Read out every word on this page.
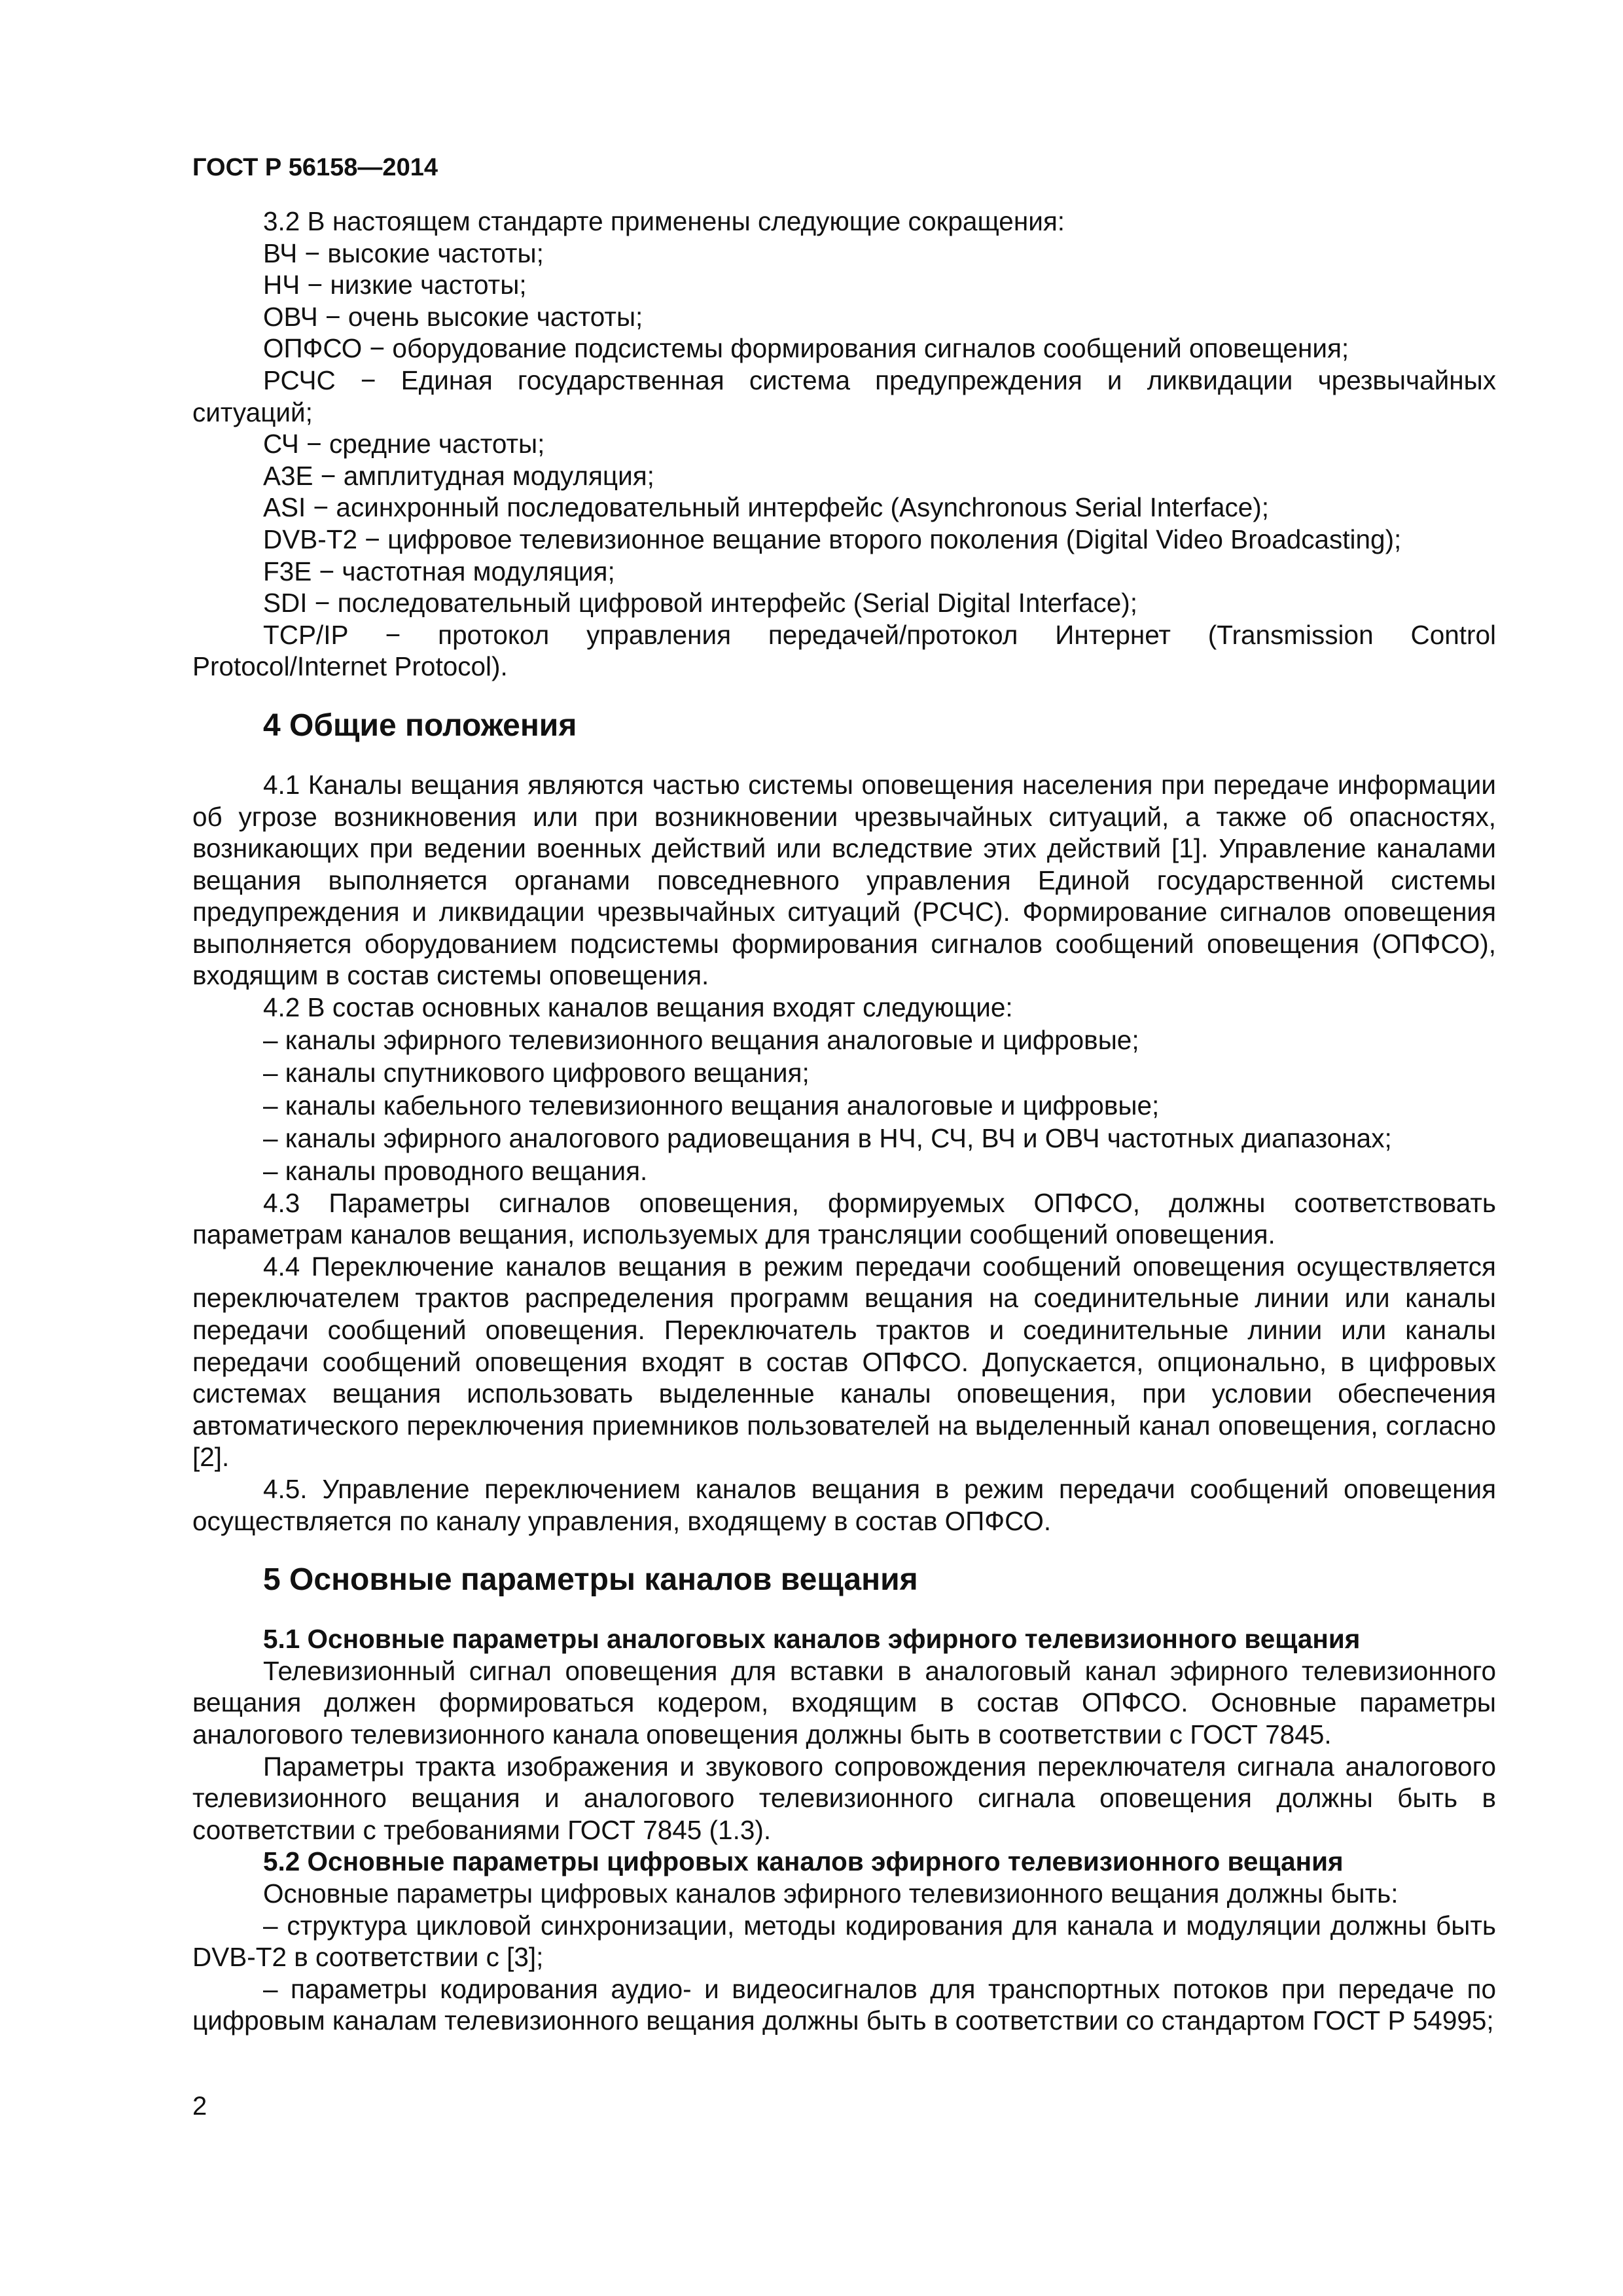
ГОСТ Р 56158—2014

3.2 В настоящем стандарте применены следующие сокращения:

ВЧ − высокие частоты;

НЧ − низкие частоты;

ОВЧ − очень высокие частоты;

ОПФСО − оборудование подсистемы формирования сигналов сообщений оповещения;

РСЧС − Единая государственная система предупреждения и ликвидации чрезвычайных

ситуаций;

СЧ − средние частоты;

A3E − амплитудная модуляция;

ASI − асинхронный последовательный интерфейс (Asynchronous Serial Interface);

DVB-T2 − цифровое телевизионное вещание второго поколения (Digital Video Broadcasting);

F3E − частотная модуляция;

SDI − последовательный цифровой интерфейс (Serial Digital Interface);

TCP/IP − протокол управления передачей/протокол Интернет (Transmission Control

Protocol/Internet Protocol).

4 Общие положения

4.1 Каналы вещания являются частью системы оповещения населения при передаче информации об угрозе возникновения или при возникновении чрезвычайных ситуаций, а также об опасностях, возникающих при ведении военных действий или вследствие этих действий [1]. Управление каналами вещания выполняется органами повседневного управления Единой государственной системы предупреждения и ликвидации чрезвычайных ситуаций (РСЧС). Формирование сигналов оповещения выполняется оборудованием подсистемы формирования сигналов сообщений оповещения (ОПФСО), входящим в состав системы оповещения.

4.2 В состав основных каналов вещания входят следующие:

– каналы эфирного телевизионного вещания аналоговые и цифровые;

– каналы спутникового цифрового вещания;

– каналы кабельного телевизионного вещания аналоговые и цифровые;

– каналы эфирного аналогового радиовещания в НЧ, СЧ, ВЧ и ОВЧ частотных диапазонах;

– каналы проводного вещания.

4.3 Параметры сигналов оповещения, формируемых ОПФСО, должны соответствовать параметрам каналов вещания, используемых для трансляции сообщений оповещения.

4.4 Переключение каналов вещания в режим передачи сообщений оповещения осуществляется переключателем трактов распределения программ вещания на соединительные линии или каналы передачи сообщений оповещения. Переключатель трактов и соединительные линии или каналы передачи сообщений оповещения входят в состав ОПФСО. Допускается, опционально, в цифровых системах вещания использовать выделенные каналы оповещения, при условии обеспечения автоматического переключения приемников пользователей на выделенный канал оповещения, согласно [2].

4.5. Управление переключением каналов вещания в режим передачи сообщений оповещения осуществляется по каналу управления, входящему в состав ОПФСО.

5 Основные параметры каналов вещания
5.1 Основные параметры аналоговых каналов эфирного телевизионного вещания

Телевизионный сигнал оповещения для вставки в аналоговый канал эфирного телевизионного вещания должен формироваться кодером, входящим в состав ОПФСО. Основные параметры аналогового телевизионного канала оповещения должны быть в соответствии с ГОСТ 7845.

Параметры тракта изображения и звукового сопровождения переключателя сигнала аналогового телевизионного вещания и аналогового телевизионного сигнала оповещения должны быть в соответствии с требованиями ГОСТ 7845 (1.3).

5.2 Основные параметры цифровых каналов эфирного телевизионного вещания

Основные параметры цифровых каналов эфирного телевизионного вещания должны быть:

– структура цикловой синхронизации, методы кодирования для канала и модуляции должны быть DVB-T2 в соответствии с [3];

– параметры кодирования аудио- и видеосигналов для транспортных потоков при передаче по цифровым каналам телевизионного вещания должны быть в соответствии со стандартом ГОСТ Р 54995;

2
